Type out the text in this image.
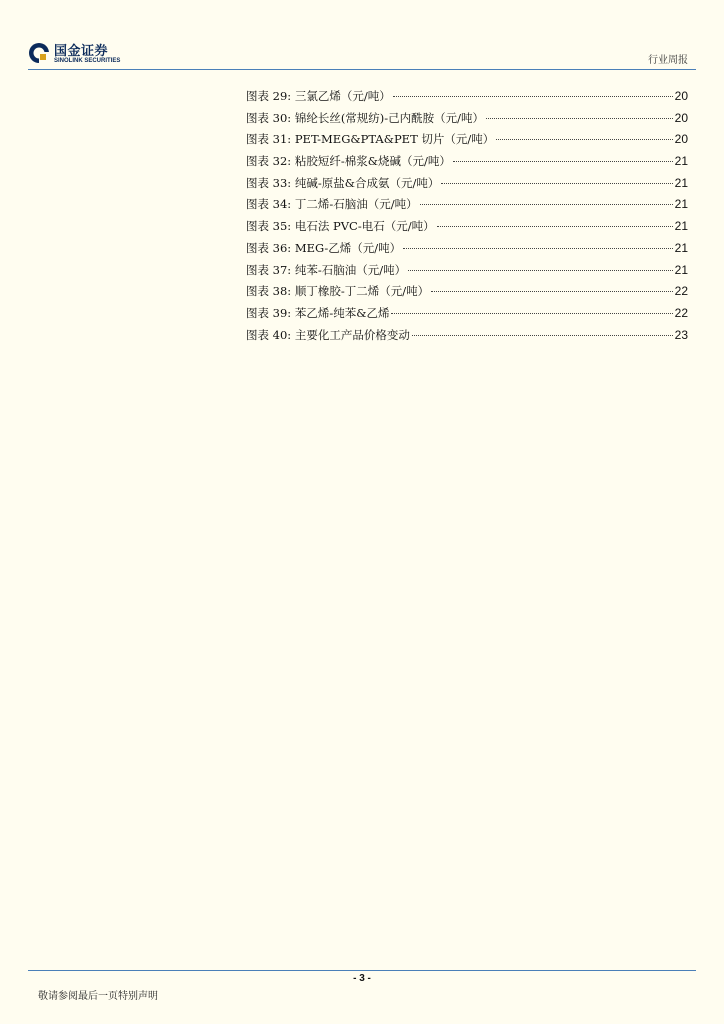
国金证券
SINOLINK SECURITIES	行业周报
图表 29: 三氯乙烯（元/吨）	20
图表 30: 锦纶长丝(常规纺)-己内酰胺（元/吨）	20
图表 31: PET-MEG&PTA&PET 切片（元/吨）	20
图表 32: 粘胶短纤-棉浆&烧碱（元/吨）	21
图表 33: 纯碱-原盐&合成氨（元/吨）	21
图表 34: 丁二烯-石脑油（元/吨）	21
图表 35: 电石法 PVC-电石（元/吨）	21
图表 36: MEG-乙烯（元/吨）	21
图表 37: 纯苯-石脑油（元/吨）	21
图表 38: 顺丁橡胶-丁二烯（元/吨）	22
图表 39: 苯乙烯-纯苯&乙烯	22
图表 40: 主要化工产品价格变动	23
- 3 -
敬请参阅最后一页特别声明
